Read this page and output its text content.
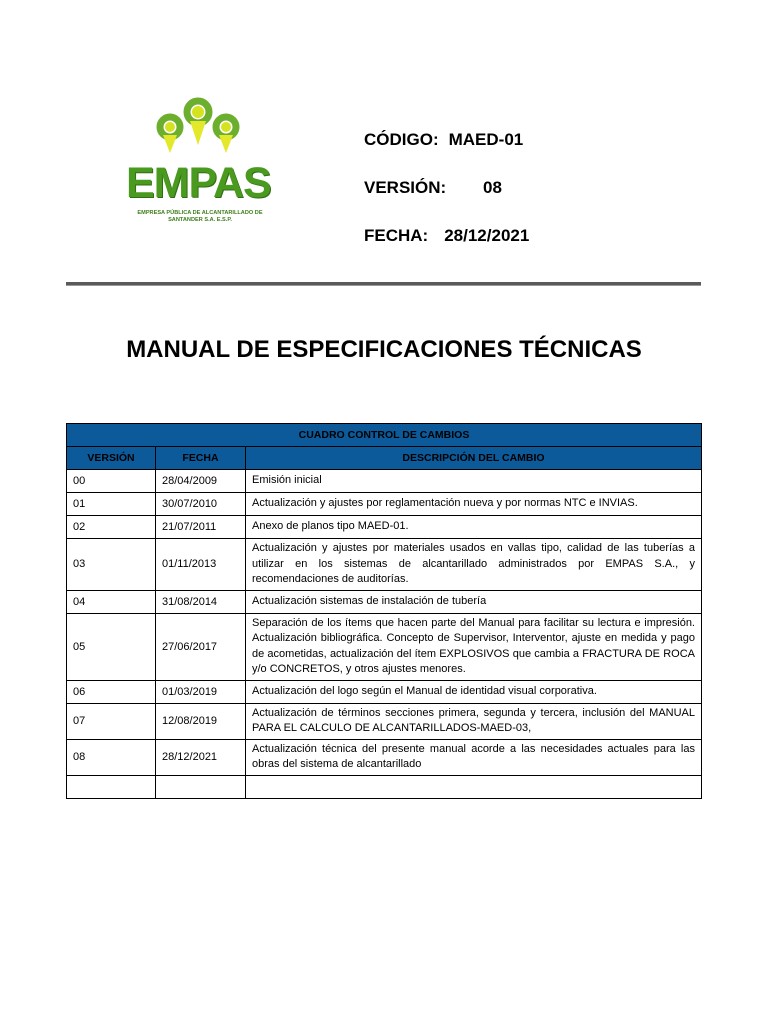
EMPAS
EMPRESA PÚBLICA DE ALCANTARILLADO DE SANTANDER S.A. E.S.P.
CÓDIGO: MAED-01
VERSIÓN: 08
FECHA: 28/12/2021
MANUAL DE ESPECIFICACIONES TÉCNICAS
CUADRO CONTROL DE CAMBIOS		
VERSIÓN	FECHA	DESCRIPCIÓN DEL CAMBIO
00	28/04/2009	Emisión inicial
01	30/07/2010	Actualización y ajustes por reglamentación nueva y por normas NTC e INVIAS.
02	21/07/2011	Anexo de planos tipo MAED-01.
03	01/11/2013	Actualización y ajustes por materiales usados en vallas tipo, calidad de las tuberías a utilizar en los sistemas de alcantarillado administrados por EMPAS S.A., y recomendaciones de auditorías.
04	31/08/2014	Actualización sistemas de instalación de tubería
05	27/06/2017	Separación de los ítems que hacen parte del Manual para facilitar su lectura e impresión. Actualización bibliográfica. Concepto de Supervisor, Interventor, ajuste en medida y pago de acometidas, actualización del ítem EXPLOSIVOS que cambia a FRACTURA DE ROCA y/o CONCRETOS, y otros ajustes menores.
06	01/03/2019	Actualización del logo según el Manual de identidad visual corporativa.
07	12/08/2019	Actualización de términos secciones primera, segunda y tercera, inclusión del MANUAL PARA EL CALCULO DE ALCANTARILLADOS-MAED-03,
08	28/12/2021	Actualización técnica del presente manual acorde a las necesidades actuales para las obras del sistema de alcantarillado
